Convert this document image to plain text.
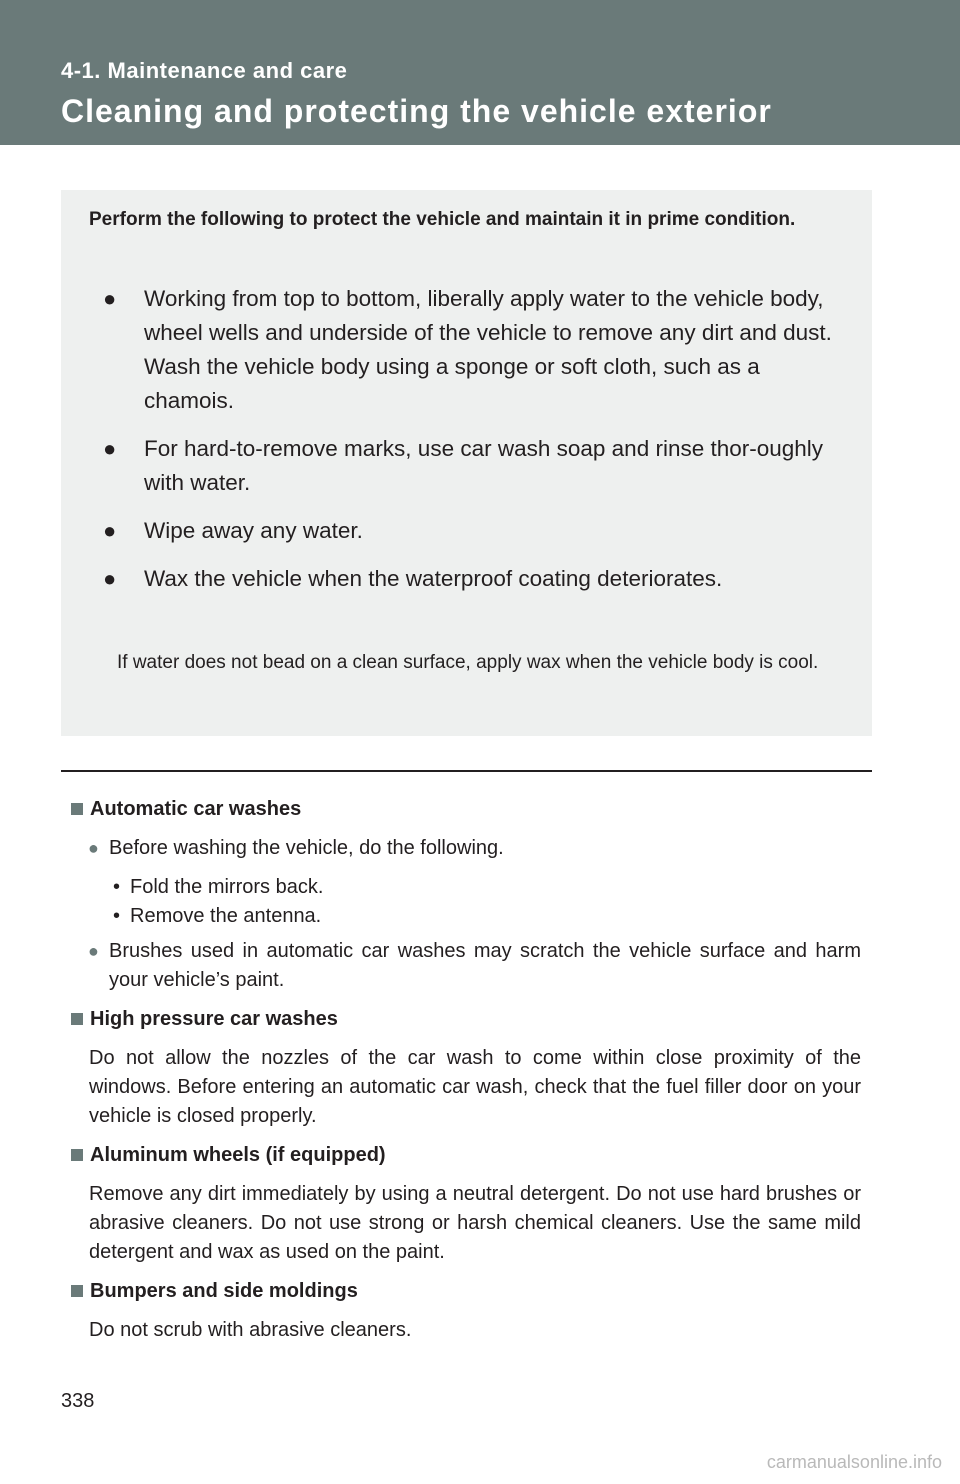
4-1. Maintenance and care
Cleaning and protecting the vehicle exterior
Perform the following to protect the vehicle and maintain it in prime condition.
● Working from top to bottom, liberally apply water to the vehicle body, wheel wells and underside of the vehicle to remove any dirt and dust.
Wash the vehicle body using a sponge or soft cloth, such as a chamois.
● For hard-to-remove marks, use car wash soap and rinse thor-oughly with water.
● Wipe away any water.
● Wax the vehicle when the waterproof coating deteriorates.
If water does not bead on a clean surface, apply wax when the vehicle body is cool.
Automatic car washes
● Before washing the vehicle, do the following.
• Fold the mirrors back.
• Remove the antenna.
● Brushes used in automatic car washes may scratch the vehicle surface and harm your vehicle’s paint.
High pressure car washes
Do not allow the nozzles of the car wash to come within close proximity of the windows. Before entering an automatic car wash, check that the fuel filler door on your vehicle is closed properly.
Aluminum wheels (if equipped)
Remove any dirt immediately by using a neutral detergent. Do not use hard brushes or abrasive cleaners. Do not use strong or harsh chemical cleaners. Use the same mild detergent and wax as used on the paint.
Bumpers and side moldings
Do not scrub with abrasive cleaners.
338
carmanualsonline.info
